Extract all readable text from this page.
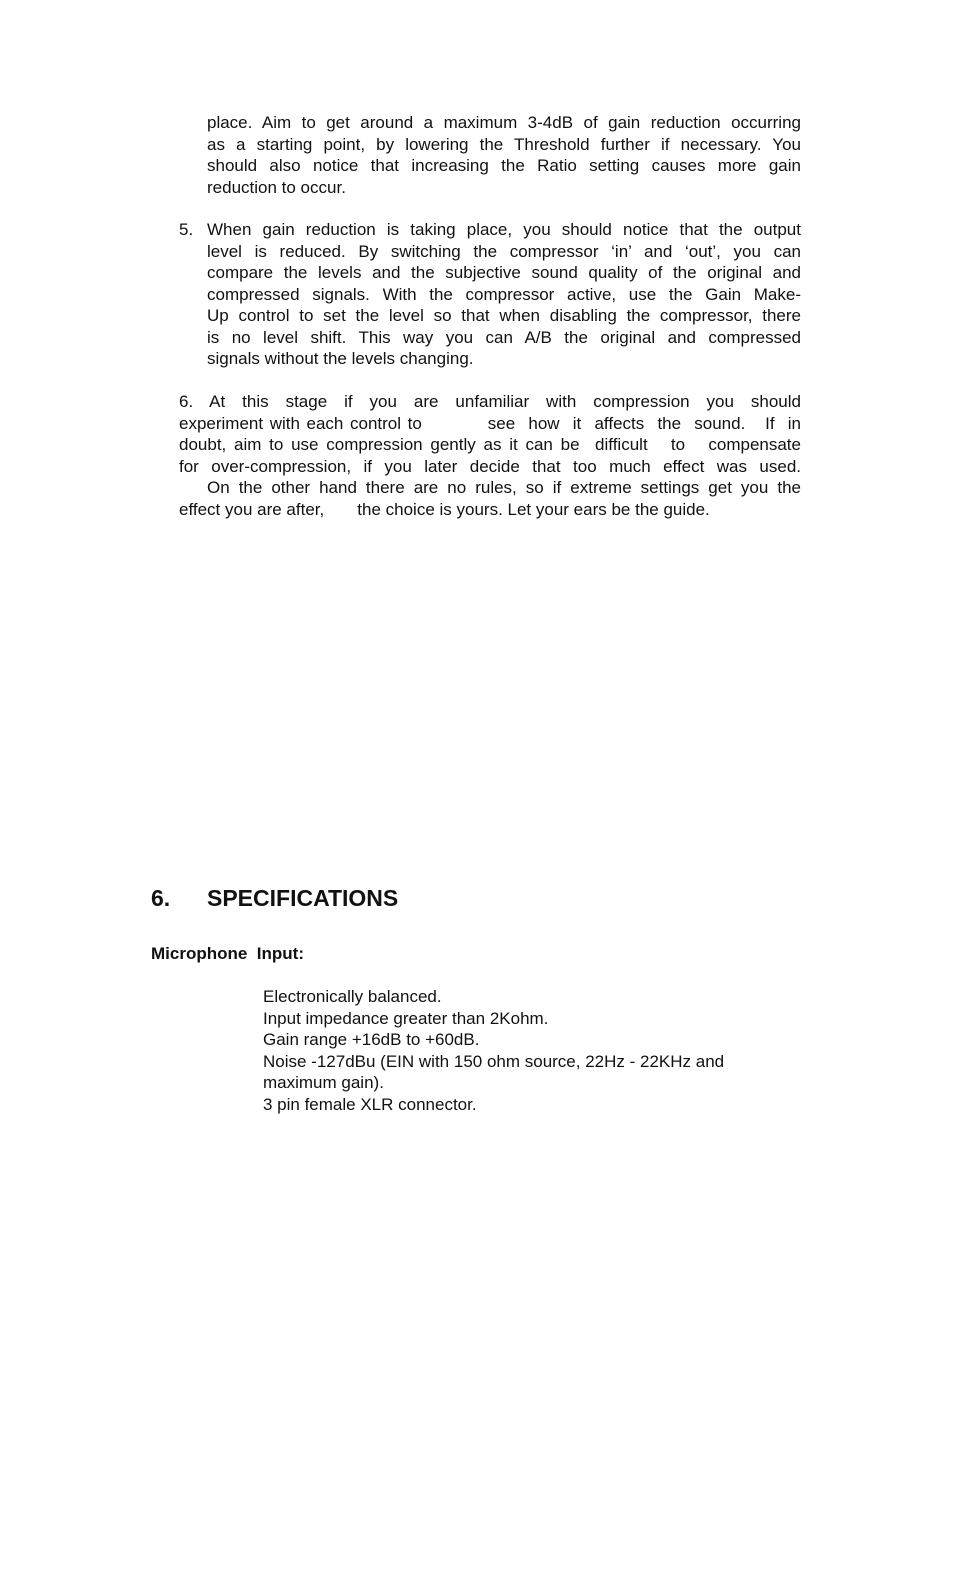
place. Aim to get around a maximum 3-4dB of gain reduction occurring
as a starting point, by lowering the Threshold further if necessary. You
should also notice that increasing the Ratio setting causes more gain
reduction to occur.
5. When gain reduction is taking place, you should notice that the output
level is reduced. By switching the compressor ‘in’ and ‘out’, you can
compare the levels and the subjective sound quality of the original and
compressed signals. With the compressor active, use the Gain Make-
Up control to set the level so that when disabling the compressor, there
is no level shift. This way you can A/B the original and compressed
signals without the levels changing.
6.  At  this  stage  if  you  are  unfamiliar  with  compression  you  should
experiment with each control to          see  how  it  affects  the  sound.   If  in
doubt, aim to use compression gently as it can be  difficult   to   compensate
for over-compression, if you later decide that too much effect was used.
On the other hand there are no rules, so if extreme settings get you the
effect you are after,       the choice is yours. Let your ears be the guide.
6. SPECIFICATIONS
Microphone  Input:
Electronically balanced.
Input impedance greater than 2Kohm.
Gain range +16dB to +60dB.
Noise -127dBu (EIN with 150 ohm source, 22Hz - 22KHz and
maximum gain).
3 pin female XLR connector.
